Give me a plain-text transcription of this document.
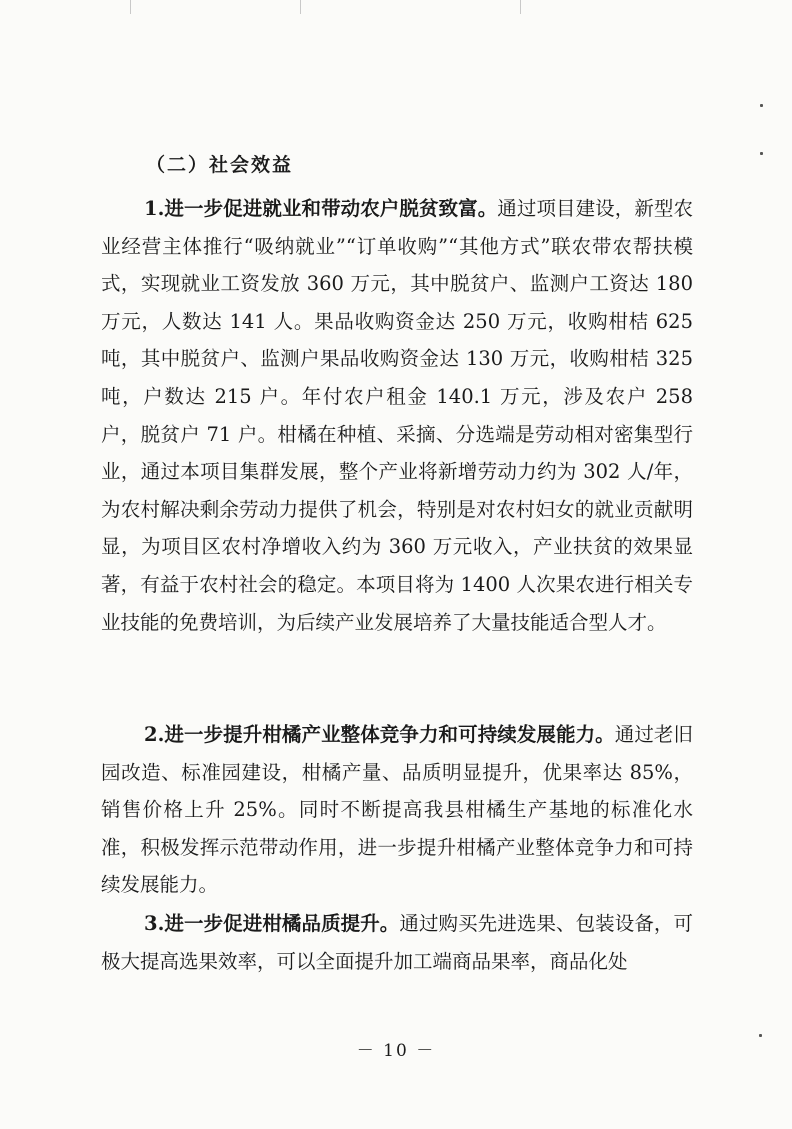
（二）社会效益

1.进一步促进就业和带动农户脱贫致富。通过项目建设，新型农业经营主体推行“吸纳就业”“订单收购”“其他方式”联农带农帮扶模式，实现就业工资发放 360 万元，其中脱贫户、监测户工资达 180 万元，人数达 141 人。果品收购资金达 250 万元，收购柑桔 625 吨，其中脱贫户、监测户果品收购资金达 130 万元，收购柑桔 325 吨，户数达 215 户。年付农户租金 140.1 万元，涉及农户 258 户，脱贫户 71 户。柑橘在种植、采摘、分选端是劳动相对密集型行业，通过本项目集群发展，整个产业将新增劳动力约为 302 人/年，为农村解决剩余劳动力提供了机会，特别是对农村妇女的就业贡献明显，为项目区农村净增收入约为 360 万元收入，产业扶贫的效果显著，有益于农村社会的稳定。本项目将为 1400 人次果农进行相关专业技能的免费培训，为后续产业发展培养了大量技能适合型人才。

2.进一步提升柑橘产业整体竞争力和可持续发展能力。通过老旧园改造、标准园建设，柑橘产量、品质明显提升，优果率达 85%，销售价格上升 25%。同时不断提高我县柑橘生产基地的标准化水准，积极发挥示范带动作用，进一步提升柑橘产业整体竞争力和可持续发展能力。

3.进一步促进柑橘品质提升。通过购买先进选果、包装设备，可极大提高选果效率，可以全面提升加工端商品果率，商品化处

－ 10 －
